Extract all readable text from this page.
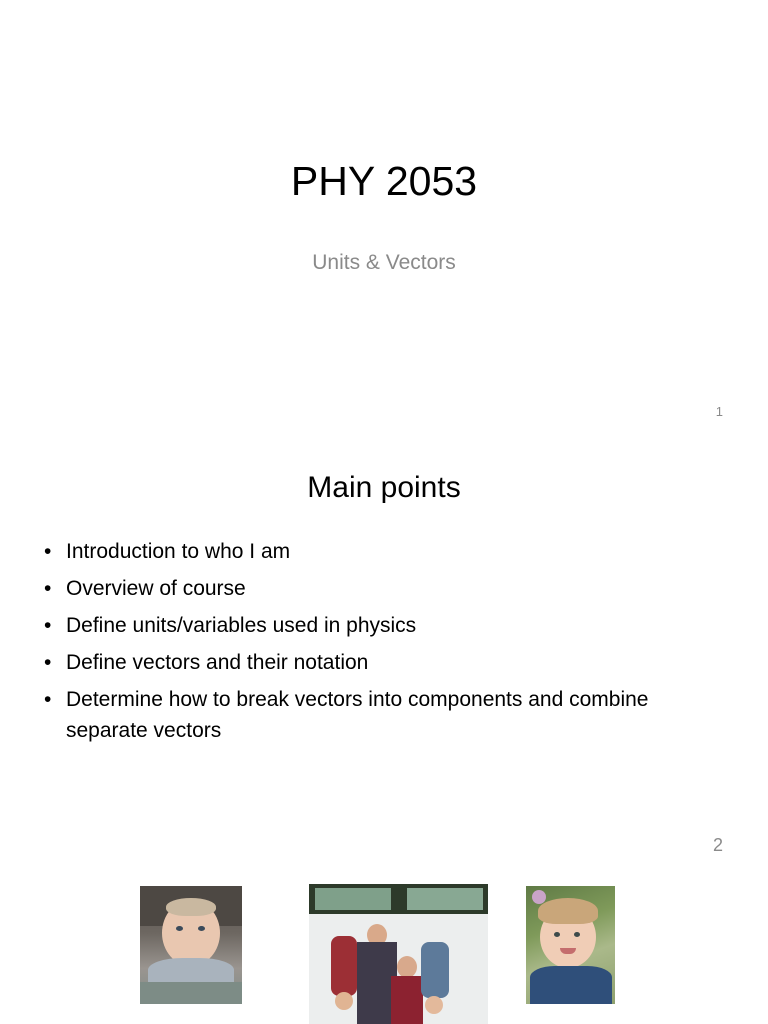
PHY 2053
Units & Vectors
1
Main points
• Introduction to who I am
• Overview of course
• Define units/variables used in physics
• Define vectors and their notation
• Determine how to break vectors into components and combine separate vectors
2
